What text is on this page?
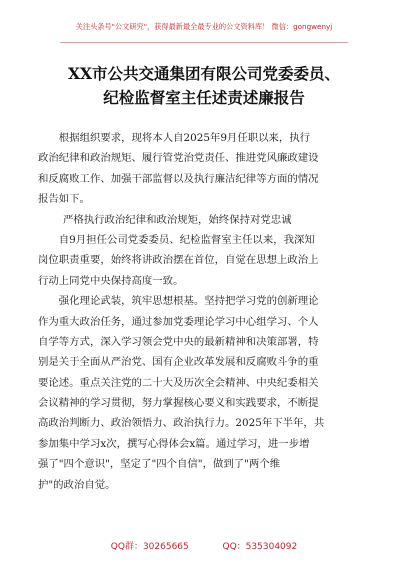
关注头条号"公文研究"，获得最新最全最专业的公文资料库！ 微信：gongwenyj
XX市公共交通集团有限公司党委委员、
纪检监督室主任述责述廉报告
根据组织要求，现将本人自2025年9月任职以来，执行
政治纪律和政治规矩、履行管党治党责任、推进党风廉政建设
和反腐败工作、加强干部监督以及执行廉洁纪律等方面的情况
报告如下。
严格执行政治纪律和政治规矩，始终保持对党忠诚
自9月担任公司党委委员、纪检监督室主任以来，我深知
岗位职责重要，始终将讲政治摆在首位，自觉在思想上政治上
行动上同党中央保持高度一致。
强化理论武装，筑牢思想根基。坚持把学习党的创新理论
作为重大政治任务，通过参加党委理论学习中心组学习、个人
自学等方式，深入学习领会党中央的最新精神和决策部署，特
别是关于全面从严治党、国有企业改革发展和反腐败斗争的重
要论述。重点关注党的二十大及历次全会精神、中央纪委相关
会议精神的学习贯彻，努力掌握核心要义和实践要求，不断提
高政治判断力、政治领悟力、政治执行力。2025年下半年，共
参加集中学习x次，撰写心得体会x篇。通过学习，进一步增
强了"四个意识"，坚定了"四个自信"，做到了"两个维
护"的政治自觉。
QQ群：30265665	QQ：535304092
